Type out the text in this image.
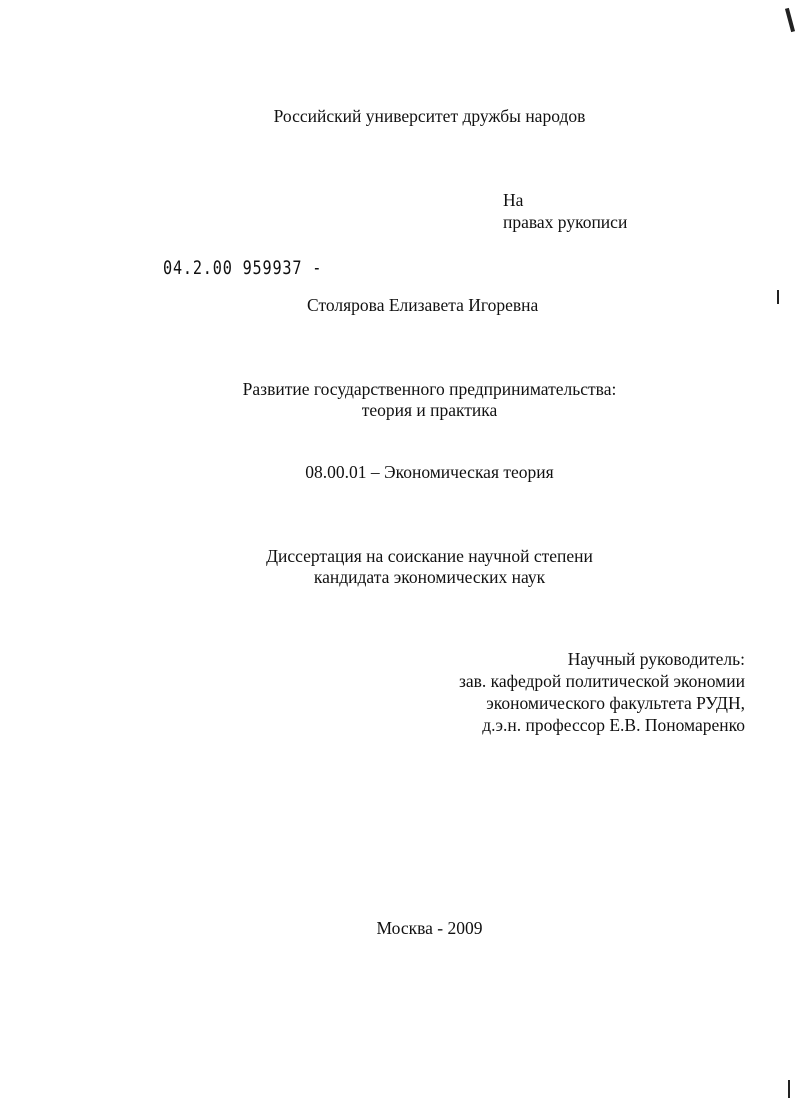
Российский университет дружбы народов
На
правах рукописи
04.2.00 959937 -
Столярова Елизавета Игоревна
Развитие государственного предпринимательства:
теория и практика
08.00.01 – Экономическая теория
Диссертация на соискание научной степени
кандидата экономических наук
Научный руководитель:
зав. кафедрой политической экономии
экономического факультета РУДН,
д.э.н. профессор Е.В. Пономаренко
Москва - 2009
